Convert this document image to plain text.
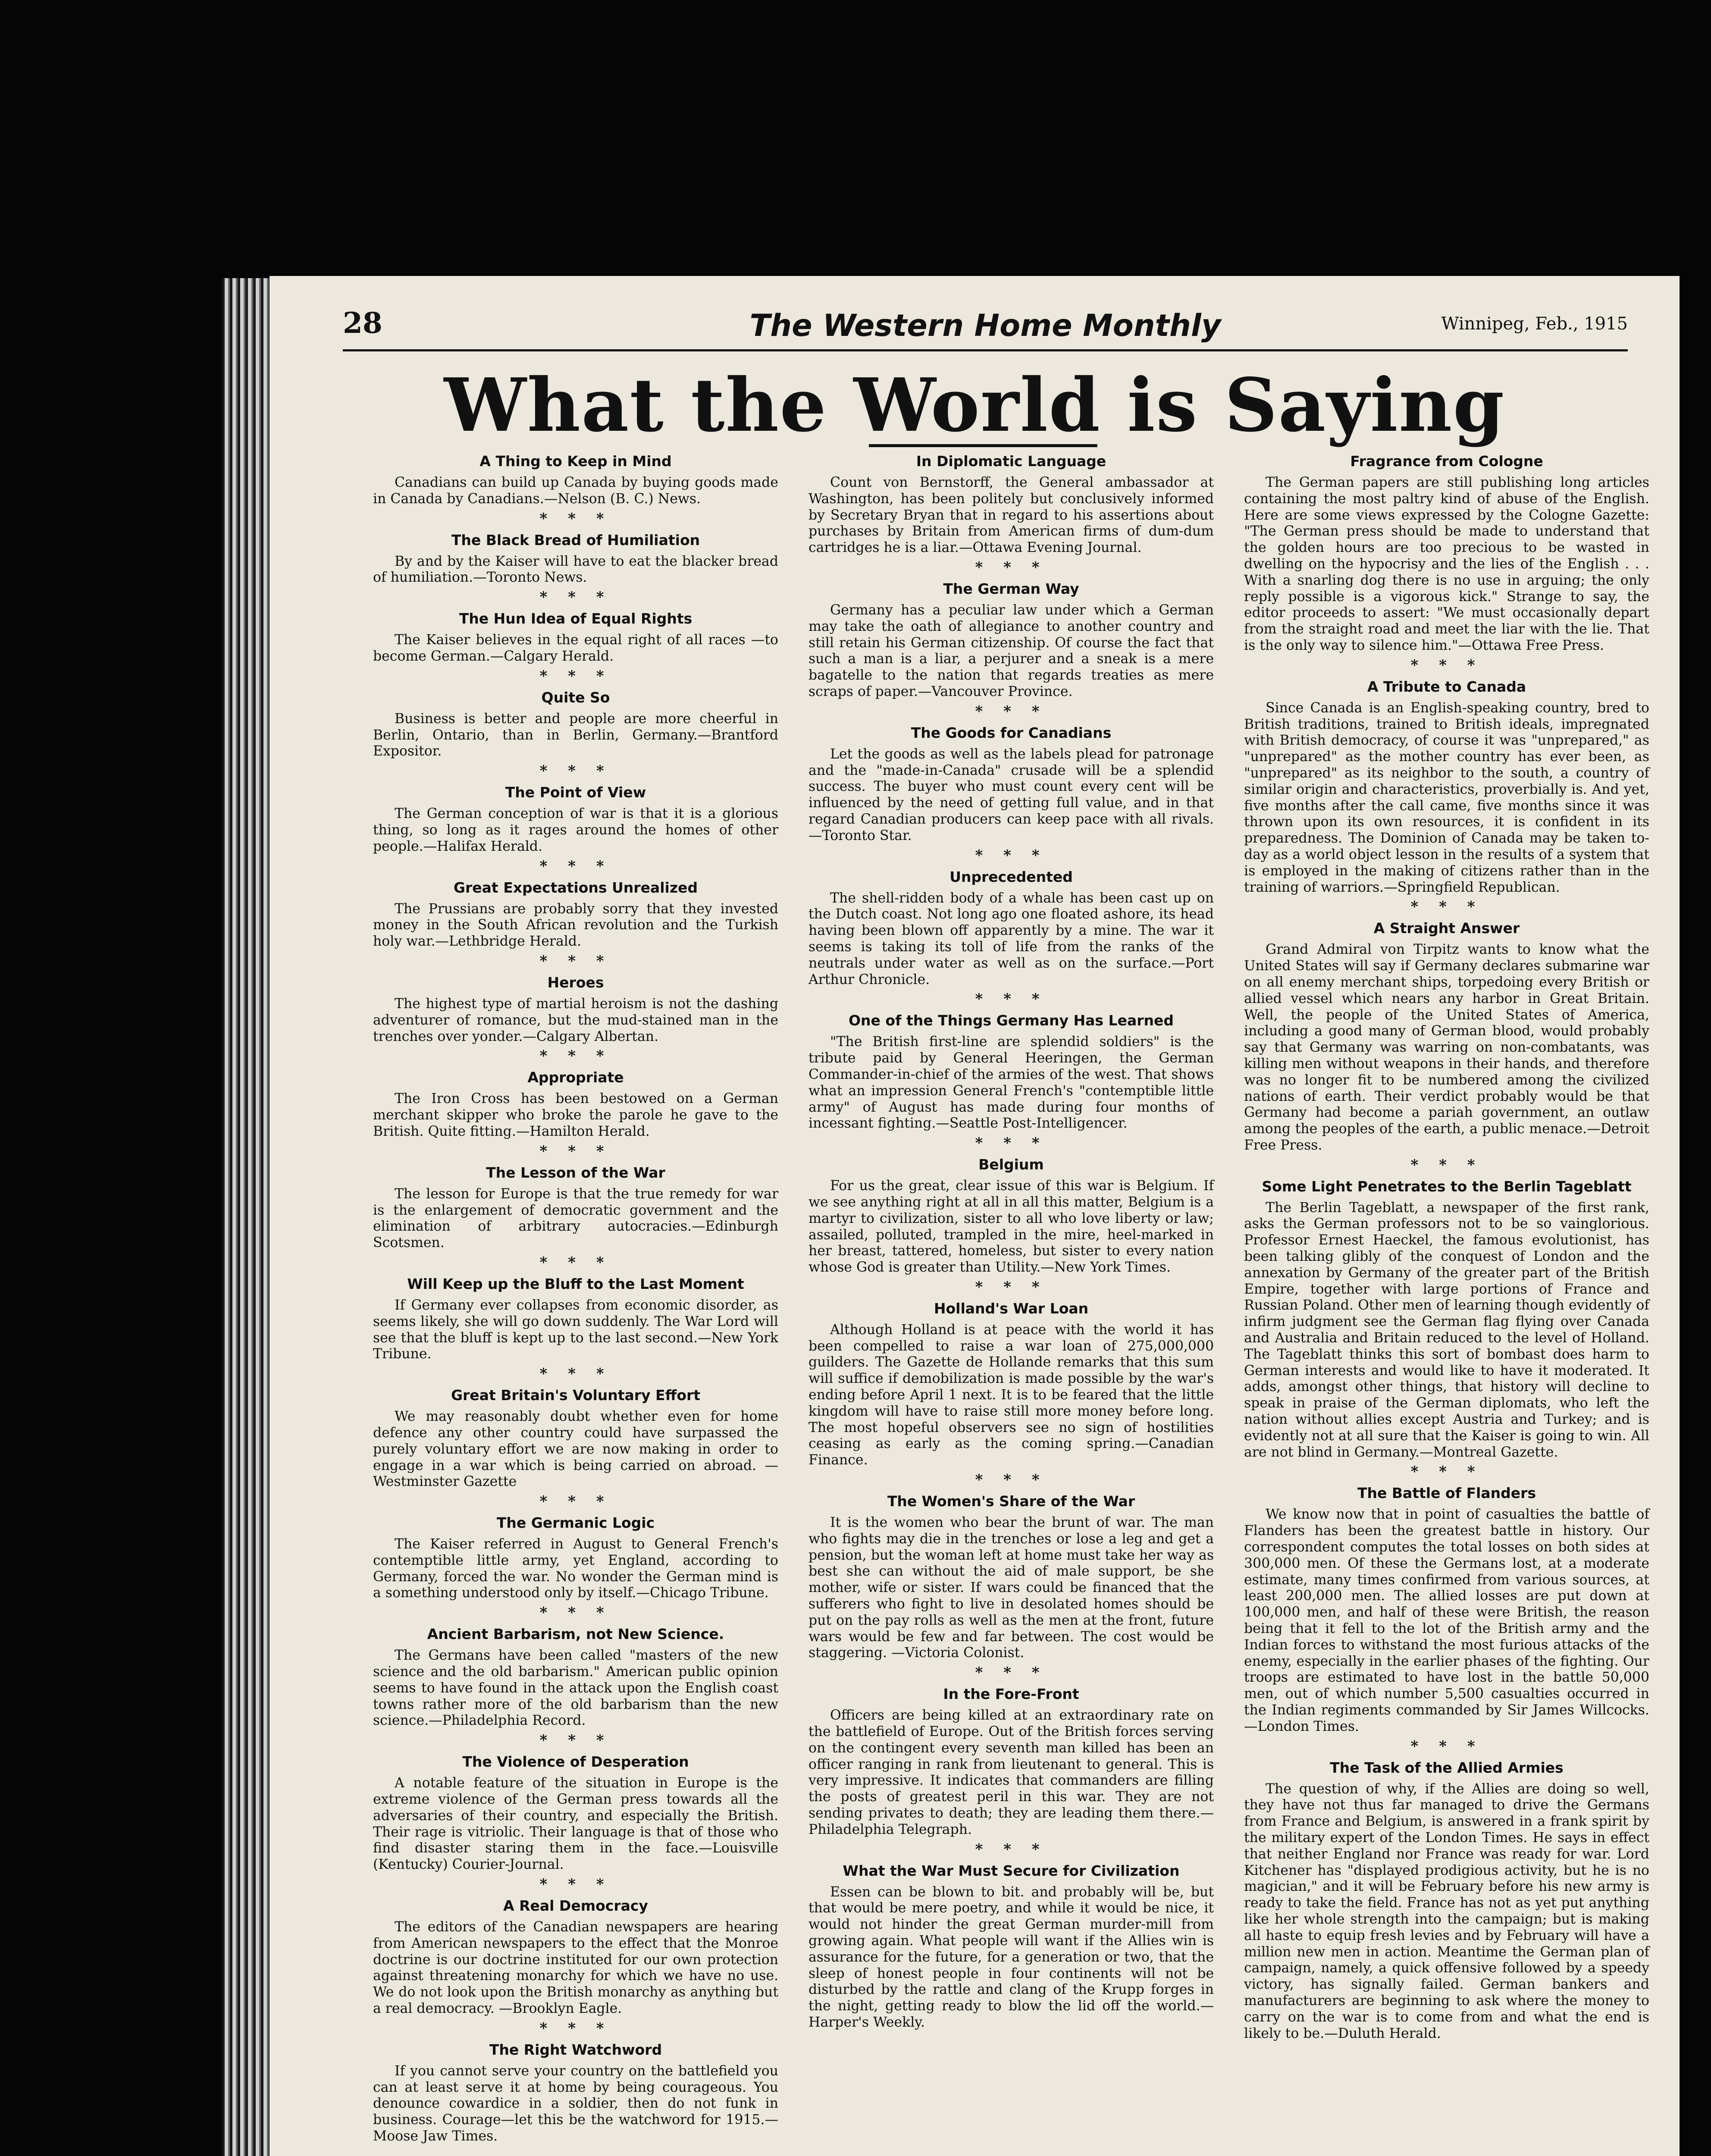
28	The Western Home Monthly	Winnipeg, Feb., 1915
What the World is Saying
A Thing to Keep in Mind

Canadians can build up Canada by buying goods made in Canada by Canadians.—Nelson (B. C.) News.

* * *
The Black Bread of Humiliation

By and by the Kaiser will have to eat the blacker bread of humiliation.—Toronto News.

* * *
The Hun Idea of Equal Rights

The Kaiser believes in the equal right of all races —to become German.—Calgary Herald.

* * *
Quite So

Business is better and people are more cheerful in Berlin, Ontario, than in Berlin, Germany.—Brantford Expositor.

* * *
The Point of View

The German conception of war is that it is a glorious thing, so long as it rages around the homes of other people.—Halifax Herald.

* * *
Great Expectations Unrealized

The Prussians are probably sorry that they invested money in the South African revolution and the Turkish holy war.—Lethbridge Herald.

* * *
Heroes

The highest type of martial heroism is not the dashing adventurer of romance, but the mud-stained man in the trenches over yonder.—Calgary Albertan.

* * *
Appropriate

The Iron Cross has been bestowed on a German merchant skipper who broke the parole he gave to the British. Quite fitting.—Hamilton Herald.

* * *
The Lesson of the War

The lesson for Europe is that the true remedy for war is the enlargement of democratic government and the elimination of arbitrary autocracies.—Edinburgh Scotsmen.

* * *
Will Keep up the Bluff to the Last Moment

If Germany ever collapses from economic disorder, as seems likely, she will go down suddenly. The War Lord will see that the bluff is kept up to the last second.—New York Tribune.

* * *
Great Britain's Voluntary Effort

We may reasonably doubt whether even for home defence any other country could have surpassed the purely voluntary effort we are now making in order to engage in a war which is being carried on abroad. —Westminster Gazette

* * *
The Germanic Logic

The Kaiser referred in August to General French's contemptible little army, yet England, according to Germany, forced the war. No wonder the German mind is a something understood only by itself.—Chicago Tribune.

* * *
Ancient Barbarism, not New Science.

The Germans have been called "masters of the new science and the old barbarism." American public opinion seems to have found in the attack upon the English coast towns rather more of the old barbarism than the new science.—Philadelphia Record.

* * *
The Violence of Desperation

A notable feature of the situation in Europe is the extreme violence of the German press towards all the adversaries of their country, and especially the British. Their rage is vitriolic. Their language is that of those who find disaster staring them in the face.—Louisville (Kentucky) Courier-Journal.

* * *
A Real Democracy

The editors of the Canadian newspapers are hearing from American newspapers to the effect that the Monroe doctrine is our doctrine instituted for our own protection against threatening monarchy for which we have no use. We do not look upon the British monarchy as anything but a real democracy. —Brooklyn Eagle.

* * *
The Right Watchword

If you cannot serve your country on the battlefield you can at least serve it at home by being courageous. You denounce cowardice in a soldier, then do not funk in business. Courage—let this be the watchword for 1915.—Moose Jaw Times.

In Diplomatic Language

Count von Bernstorff, the General ambassador at Washington, has been politely but conclusively informed by Secretary Bryan that in regard to his assertions about purchases by Britain from American firms of dum-dum cartridges he is a liar.—Ottawa Evening Journal.

* * *
The German Way

Germany has a peculiar law under which a German may take the oath of allegiance to another country and still retain his German citizenship. Of course the fact that such a man is a liar, a perjurer and a sneak is a mere bagatelle to the nation that regards treaties as mere scraps of paper.—Vancouver Province.

* * *
The Goods for Canadians

Let the goods as well as the labels plead for patronage and the "made-in-Canada" crusade will be a splendid success. The buyer who must count every cent will be influenced by the need of getting full value, and in that regard Canadian producers can keep pace with all rivals.—Toronto Star.

* * *
Unprecedented

The shell-ridden body of a whale has been cast up on the Dutch coast. Not long ago one floated ashore, its head having been blown off apparently by a mine. The war it seems is taking its toll of life from the ranks of the neutrals under water as well as on the surface.—Port Arthur Chronicle.

* * *
One of the Things Germany Has Learned

"The British first-line are splendid soldiers" is the tribute paid by General Heeringen, the German Commander-in-chief of the armies of the west. That shows what an impression General French's "contemptible little army" of August has made during four months of incessant fighting.—Seattle Post-Intelligencer.

* * *
Belgium

For us the great, clear issue of this war is Belgium. If we see anything right at all in all this matter, Belgium is a martyr to civilization, sister to all who love liberty or law; assailed, polluted, trampled in the mire, heel-marked in her breast, tattered, homeless, but sister to every nation whose God is greater than Utility.—New York Times.

* * *
Holland's War Loan

Although Holland is at peace with the world it has been compelled to raise a war loan of 275,000,000 guilders. The Gazette de Hollande remarks that this sum will suffice if demobilization is made possible by the war's ending before April 1 next. It is to be feared that the little kingdom will have to raise still more money before long. The most hopeful observers see no sign of hostilities ceasing as early as the coming spring.—Canadian Finance.

* * *
The Women's Share of the War

It is the women who bear the brunt of war. The man who fights may die in the trenches or lose a leg and get a pension, but the woman left at home must take her way as best she can without the aid of male support, be she mother, wife or sister. If wars could be financed that the sufferers who fight to live in desolated homes should be put on the pay rolls as well as the men at the front, future wars would be few and far between. The cost would be staggering. —Victoria Colonist.

* * *
In the Fore-Front

Officers are being killed at an extraordinary rate on the battlefield of Europe. Out of the British forces serving on the contingent every seventh man killed has been an officer ranging in rank from lieutenant to general. This is very impressive. It indicates that commanders are filling the posts of greatest peril in this war. They are not sending privates to death; they are leading them there.—Philadelphia Telegraph.

* * *
What the War Must Secure for Civilization

Essen can be blown to bit. and probably will be, but that would be mere poetry, and while it would be nice, it would not hinder the great German murder-mill from growing again. What people will want if the Allies win is assurance for the future, for a generation or two, that the sleep of honest people in four continents will not be disturbed by the rattle and clang of the Krupp forges in the night, getting ready to blow the lid off the world.—Harper's Weekly.

Fragrance from Cologne

The German papers are still publishing long articles containing the most paltry kind of abuse of the English. Here are some views expressed by the Cologne Gazette: "The German press should be made to understand that the golden hours are too precious to be wasted in dwelling on the hypocrisy and the lies of the English . . . With a snarling dog there is no use in arguing; the only reply possible is a vigorous kick." Strange to say, the editor proceeds to assert: "We must occasionally depart from the straight road and meet the liar with the lie. That is the only way to silence him."—Ottawa Free Press.

* * *
A Tribute to Canada

Since Canada is an English-speaking country, bred to British traditions, trained to British ideals, impregnated with British democracy, of course it was "unprepared," as "unprepared" as the mother country has ever been, as "unprepared" as its neighbor to the south, a country of similar origin and characteristics, proverbially is. And yet, five months after the call came, five months since it was thrown upon its own resources, it is confident in its preparedness. The Dominion of Canada may be taken to-day as a world object lesson in the results of a system that is employed in the making of citizens rather than in the training of warriors.—Springfield Republican.

* * *
A Straight Answer

Grand Admiral von Tirpitz wants to know what the United States will say if Germany declares submarine war on all enemy merchant ships, torpedoing every British or allied vessel which nears any harbor in Great Britain. Well, the people of the United States of America, including a good many of German blood, would probably say that Germany was warring on non-combatants, was killing men without weapons in their hands, and therefore was no longer fit to be numbered among the civilized nations of earth. Their verdict probably would be that Germany had become a pariah government, an outlaw among the peoples of the earth, a public menace.—Detroit Free Press.

* * *
Some Light Penetrates to the Berlin Tageblatt

The Berlin Tageblatt, a newspaper of the first rank, asks the German professors not to be so vainglorious. Professor Ernest Haeckel, the famous evolutionist, has been talking glibly of the conquest of London and the annexation by Germany of the greater part of the British Empire, together with large portions of France and Russian Poland. Other men of learning though evidently of infirm judgment see the German flag flying over Canada and Australia and Britain reduced to the level of Holland. The Tageblatt thinks this sort of bombast does harm to German interests and would like to have it moderated. It adds, amongst other things, that history will decline to speak in praise of the German diplomats, who left the nation without allies except Austria and Turkey; and is evidently not at all sure that the Kaiser is going to win. All are not blind in Germany.—Montreal Gazette.

* * *
The Battle of Flanders

We know now that in point of casualties the battle of Flanders has been the greatest battle in history. Our correspondent computes the total losses on both sides at 300,000 men. Of these the Germans lost, at a moderate estimate, many times confirmed from various sources, at least 200,000 men. The allied losses are put down at 100,000 men, and half of these were British, the reason being that it fell to the lot of the British army and the Indian forces to withstand the most furious attacks of the enemy, especially in the earlier phases of the fighting. Our troops are estimated to have lost in the battle 50,000 men, out of which number 5,500 casualties occurred in the Indian regiments commanded by Sir James Willcocks.—London Times.

* * *
The Task of the Allied Armies

The question of why, if the Allies are doing so well, they have not thus far managed to drive the Germans from France and Belgium, is answered in a frank spirit by the military expert of the London Times. He says in effect that neither England nor France was ready for war. Lord Kitchener has "displayed prodigious activity, but he is no magician," and it will be February before his new army is ready to take the field. France has not as yet put anything like her whole strength into the campaign; but is making all haste to equip fresh levies and by February will have a million new men in action. Meantime the German plan of campaign, namely, a quick offensive followed by a speedy victory, has signally failed. German bankers and manufacturers are beginning to ask where the money to carry on the war is to come from and what the end is likely to be.—Duluth Herald.
